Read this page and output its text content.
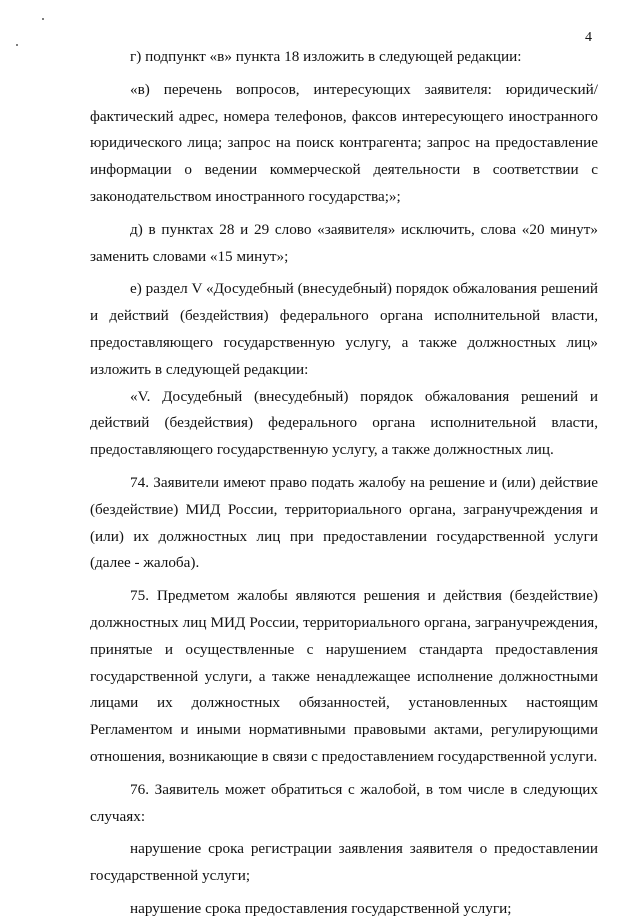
4

г) подпункт «в» пункта 18 изложить в следующей редакции:

«в) перечень вопросов, интересующих заявителя: юридический/фактический адрес, номера телефонов, факсов интересующего иностранного юридического лица; запрос на поиск контрагента; запрос на предоставление информации о ведении коммерческой деятельности в соответствии с законодательством иностранного государства;»;

д) в пунктах 28 и 29 слово «заявителя» исключить, слова «20 минут» заменить словами «15 минут»;

е) раздел V «Досудебный (внесудебный) порядок обжалования решений и действий (бездействия) федерального органа исполнительной власти, предоставляющего государственную услугу, а также должностных лиц» изложить в следующей редакции:

«V. Досудебный (внесудебный) порядок обжалования решений и действий (бездействия) федерального органа исполнительной власти, предоставляющего государственную услугу, а также должностных лиц.

74. Заявители имеют право подать жалобу на решение и (или) действие (бездействие) МИД России, территориального органа, загранучреждения и (или) их должностных лиц при предоставлении государственной услуги (далее - жалоба).

75. Предметом жалобы являются решения и действия (бездействие) должностных лиц МИД России, территориального органа, загранучреждения, принятые и осуществленные с нарушением стандарта предоставления государственной услуги, а также ненадлежащее исполнение должностными лицами их должностных обязанностей, установленных настоящим Регламентом и иными нормативными правовыми актами, регулирующими отношения, возникающие в связи с предоставлением государственной услуги.

76. Заявитель может обратиться с жалобой, в том числе в следующих случаях:

нарушение срока регистрации заявления заявителя о предоставлении государственной услуги;

нарушение срока предоставления государственной услуги;
